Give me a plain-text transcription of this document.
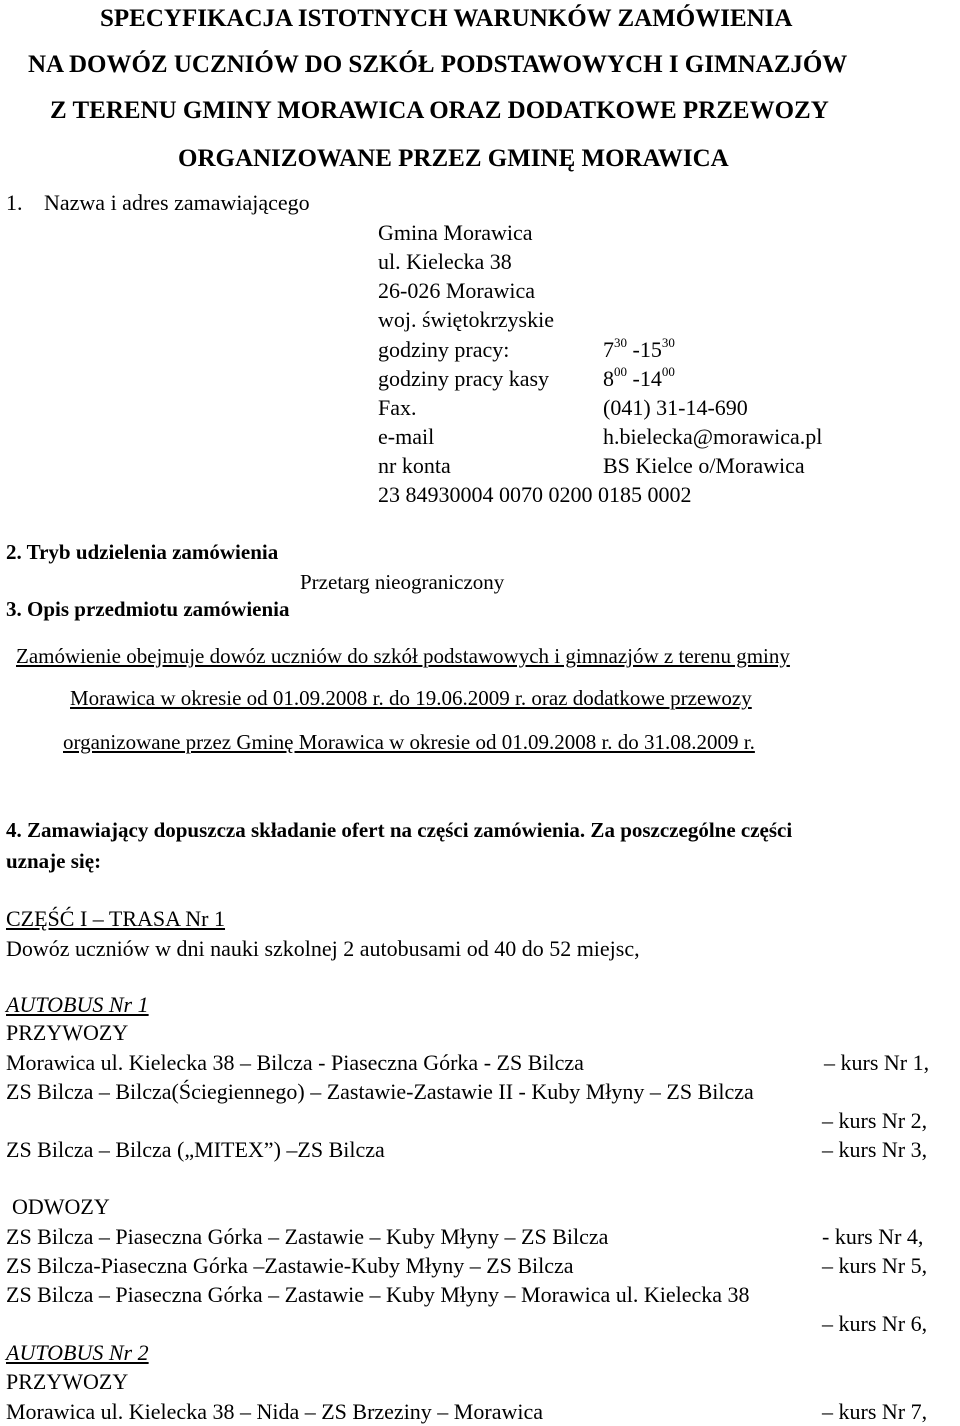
SPECYFIKACJA ISTOTNYCH WARUNKÓW ZAMÓWIENIA
NA DOWÓZ UCZNIÓW DO SZKÓŁ PODSTAWOWYCH I GIMNAZJÓW
Z TERENU GMINY MORAWICA ORAZ DODATKOWE PRZEWOZY
ORGANIZOWANE PRZEZ GMINĘ MORAWICA
1. Nazwa i adres zamawiającego
Gmina Morawica
ul. Kielecka 38
26-026 Morawica
woj. świętokrzyskie
godziny pracy:	$7^{30}$ $-15^{30}$
godziny pracy kasy $8^{00}$ $-14^{00}$
Fax.	(041) 31-14-690
e-mail	h.bielecka@morawica.pl
nr konta	BS Kielce o/Morawica
23 84930004 0070 0200 0185 0002
2. Tryb udzielenia zamówienia
Przetarg nieograniczony
3. Opis przedmiotu zamówienia
Zamówienie obejmuje dowóz uczniów do szkół podstawowych i gimnazjów z terenu gminy
Morawica w okresie od 01.09.2008 r. do 19.06.2009 r. oraz dodatkowe przewozy
organizowane przez Gminę Morawica w okresie od 01.09.2008 r. do 31.08.2009 r.
4. Zamawiający dopuszcza składanie ofert na części zamówienia. Za poszczególne części
uznaje się:
CZĘŚĆ I – TRASA Nr 1
Dowóz uczniów w dni nauki szkolnej 2 autobusami od 40 do 52 miejsc,
AUTOBUS Nr 1
PRZYWOZY
Morawica ul. Kielecka 38 – Bilcza - Piaseczna Górka - ZS Bilcza	– kurs Nr 1,
ZS Bilcza – Bilcza(Ściegiennego) – Zastawie-Zastawie II - Kuby Młyny – ZS Bilcza
– kurs Nr 2,
ZS Bilcza – Bilcza („MITEX”) –ZS Bilcza	– kurs Nr 3,
ODWOZY
ZS Bilcza – Piaseczna Górka – Zastawie – Kuby Młyny – ZS Bilcza	- kurs Nr 4,
ZS Bilcza-Piaseczna Górka –Zastawie-Kuby Młyny – ZS Bilcza	– kurs Nr 5,
ZS Bilcza – Piaseczna Górka – Zastawie – Kuby Młyny – Morawica ul. Kielecka 38
– kurs Nr 6,
AUTOBUS Nr 2
PRZYWOZY
Morawica ul. Kielecka 38 – Nida – ZS Brzeziny – Morawica	– kurs Nr 7,
